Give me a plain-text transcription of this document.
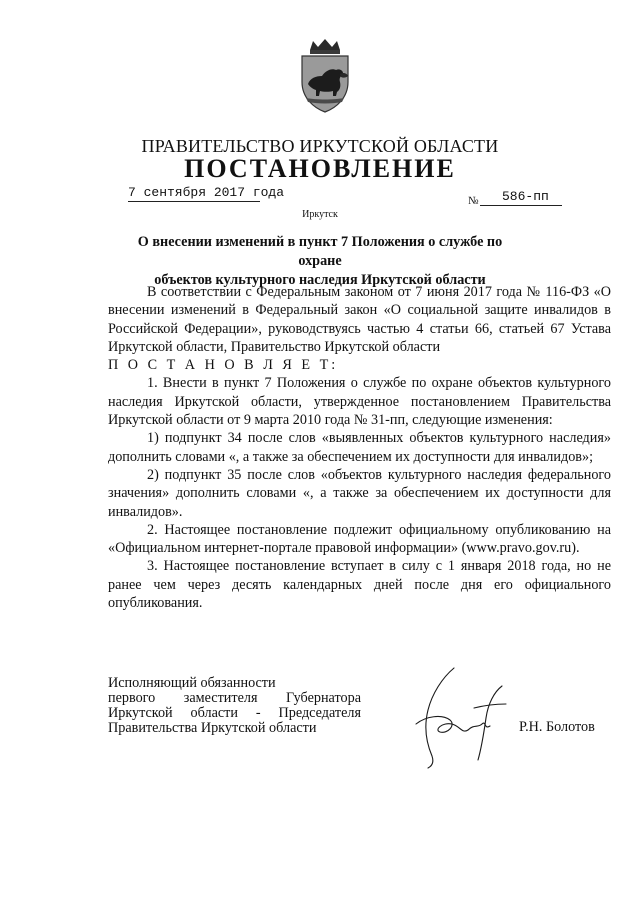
ПРАВИТЕЛЬСТВО ИРКУТСКОЙ ОБЛАСТИ
ПОСТАНОВЛЕНИЕ
7 сентября 2017 года
№ 586-пп
Иркутск
О внесении изменений в пункт 7 Положения о службе по охране
объектов культурного наследия Иркутской области

В соответствии с Федеральным законом от 7 июня 2017 года № 116-ФЗ «О внесении изменений в Федеральный закон «О социальной защите инвалидов в Российской Федерации», руководствуясь частью 4 статьи 66, статьей 67 Устава Иркутской области, Правительство Иркутской области

П О С Т А Н О В Л Я Е Т:

1. Внести в пункт 7 Положения о службе по охране объектов культурного наследия Иркутской области, утвержденное постановлением Правительства Иркутской области от 9 марта 2010 года № 31-пп, следующие изменения:

1) подпункт 34 после слов «выявленных объектов культурного наследия» дополнить словами «, а также за обеспечением их доступности для инвалидов»;

2) подпункт 35 после слов «объектов культурного наследия федерального значения» дополнить словами «, а также за обеспечением их доступности для инвалидов».

2. Настоящее постановление подлежит официальному опубликованию на «Официальном интернет-портале правовой информации» (www.pravo.gov.ru).

3. Настоящее постановление вступает в силу с 1 января 2018 года, но не ранее чем через десять календарных дней после дня его официального опубликования.

Исполняющий обязанности

первого заместителя Губернатора

Иркутской области - Председателя

Правительства Иркутской области	Р.Н. Болотов
